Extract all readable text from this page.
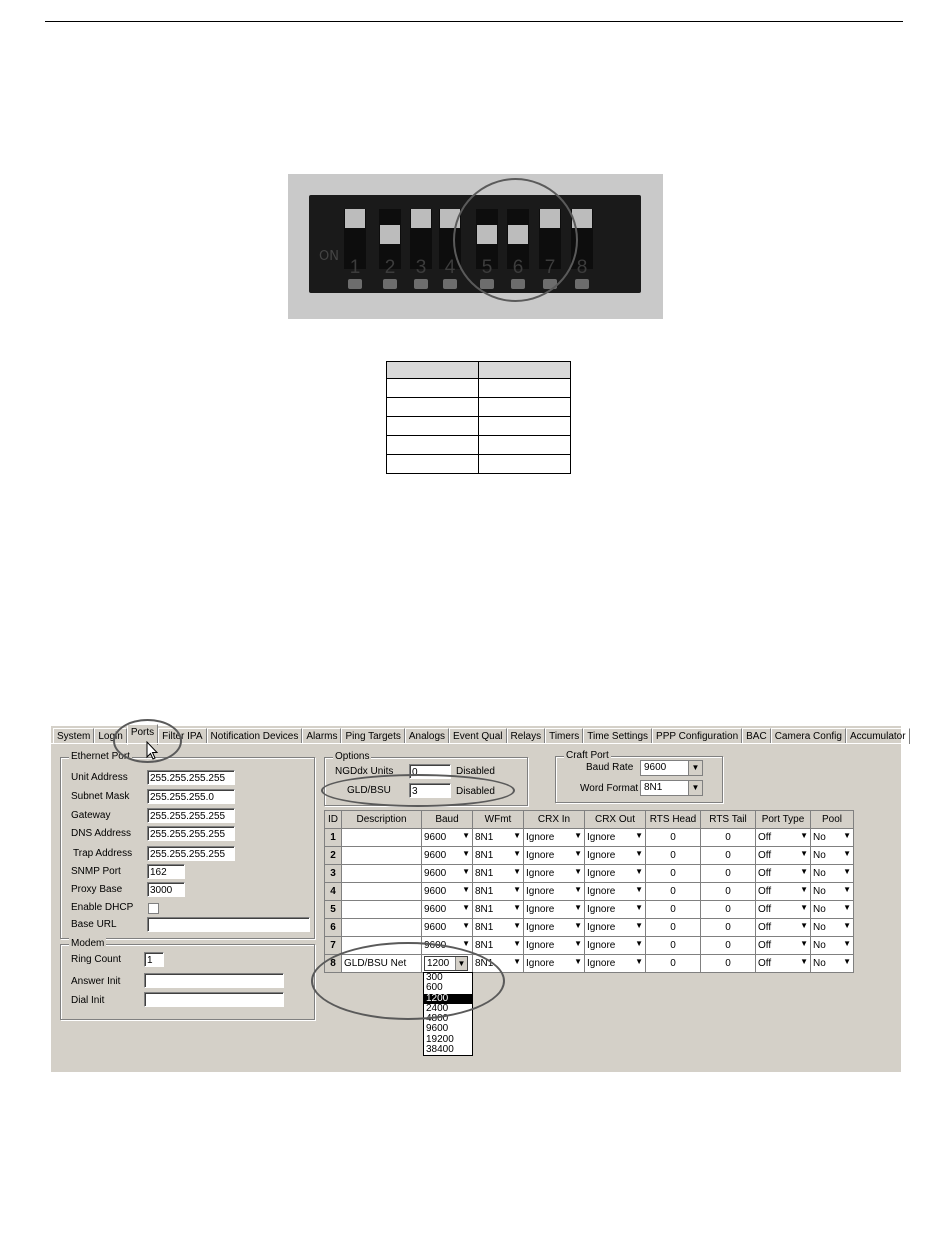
ON
1	2	3 4	5	6	7	8

System Login Ports Filter IPA Notification Devices Alarms Ping Targets Analogs Event Qual Relays Timers Time Settings PPP Configuration BAC Camera Config Accumulator
Ethernet Port
Unit Address	255.255.255.255
Subnet Mask	255.255.255.0
Gateway	255.255.255.255
DNS Address	255.255.255.255
Trap Address	255.255.255.255
SNMP Port	162
Proxy Base	3000
Enable DHCP
Base URL
Modem
Ring Count	1
Answer Init
Dial Init
Options
NGDdx Units	0	Disabled
GLD/BSU	3	Disabled
Craft Port
Baud Rate	9600	▼
Word Format 8N1	▼
ID	Description	Baud	WFmt	CRX In	CRX Out	RTS Head	RTS Tail	Port Type	Pool
1		9600 ▼	8N1 ▼	Ignore ▼	Ignore ▼	0	0	Off ▼	No ▼

2		9600 ▼	8N1 ▼	Ignore ▼	Ignore ▼	0	0	Off ▼	No ▼

3		9600 ▼	8N1 ▼	Ignore ▼	Ignore ▼	0	0	Off ▼	No ▼

4		9600 ▼	8N1 ▼	Ignore ▼	Ignore ▼	0	0	Off ▼	No ▼

5		9600 ▼	8N1 ▼	Ignore ▼	Ignore ▼	0	0	Off ▼	No ▼

6		9600 ▼	8N1 ▼	Ignore ▼	Ignore ▼	0	0	Off ▼	No ▼

7		9600 ▼	8N1 ▼	Ignore ▼	Ignore ▼	0	0	Off ▼	No ▼

8	GLD/BSU Net	1200 ▼	8N1 ▼	Ignore ▼	Ignore ▼	0	0	Off ▼	No ▼
300
600
1200
2400
4800
9600
19200
38400
